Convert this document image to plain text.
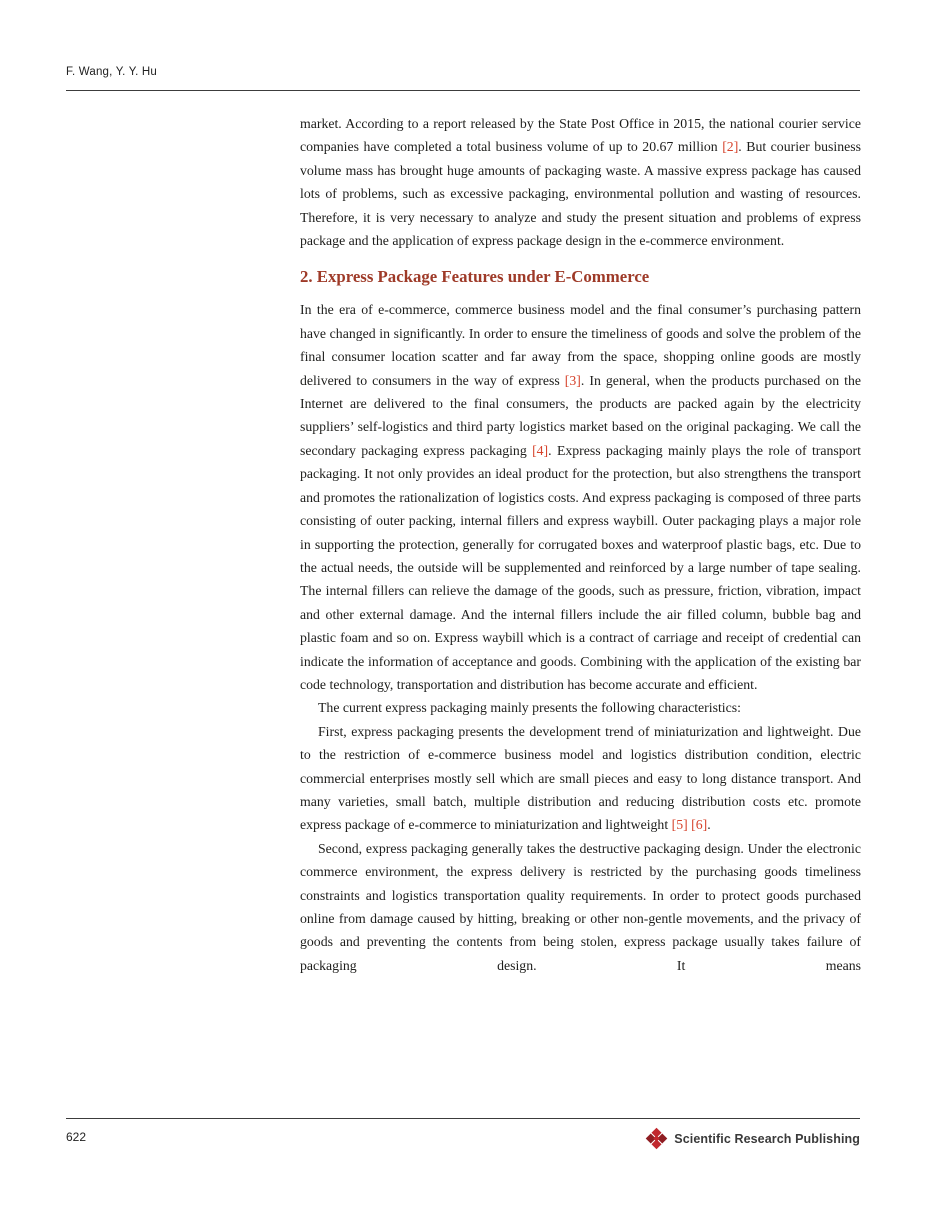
F. Wang, Y. Y. Hu

market. According to a report released by the State Post Office in 2015, the national courier service companies have completed a total business volume of up to 20.67 million [2]. But courier business volume mass has brought huge amounts of packaging waste. A massive express package has caused lots of problems, such as excessive packaging, environmental pollution and wasting of resources. Therefore, it is very necessary to analyze and study the present situation and problems of express package and the application of express package design in the e-commerce environment.

2. Express Package Features under E-Commerce

In the era of e-commerce, commerce business model and the final consumer’s purchasing pattern have changed in significantly. In order to ensure the timeliness of goods and solve the problem of the final consumer location scatter and far away from the space, shopping online goods are mostly delivered to consumers in the way of express [3]. In general, when the products purchased on the Internet are delivered to the final consumers, the products are packed again by the electricity suppliers’ self-logistics and third party logistics market based on the original packaging. We call the secondary packaging express packaging [4]. Express packaging mainly plays the role of transport packaging. It not only provides an ideal product for the protection, but also strengthens the transport and promotes the rationalization of logistics costs. And express packaging is composed of three parts consisting of outer packing, internal fillers and express waybill. Outer packaging plays a major role in supporting the protection, generally for corrugated boxes and waterproof plastic bags, etc. Due to the actual needs, the outside will be supplemented and reinforced by a large number of tape sealing. The internal fillers can relieve the damage of the goods, such as pressure, friction, vibration, impact and other external damage. And the internal fillers include the air filled column, bubble bag and plastic foam and so on. Express waybill which is a contract of carriage and receipt of credential can indicate the information of acceptance and goods. Combining with the application of the existing bar code technology, transportation and distribution has become accurate and efficient.

The current express packaging mainly presents the following characteristics:

First, express packaging presents the development trend of miniaturization and lightweight. Due to the restriction of e-commerce business model and logistics distribution condition, electric commercial enterprises mostly sell which are small pieces and easy to long distance transport. And many varieties, small batch, multiple distribution and reducing distribution costs etc. promote express package of e-commerce to miniaturization and lightweight [5] [6].

Second, express packaging generally takes the destructive packaging design. Under the electronic commerce environment, the express delivery is restricted by the purchasing goods timeliness constraints and logistics transportation quality requirements. In order to protect goods purchased online from damage caused by hitting, breaking or other non-gentle movements, and the privacy of goods and preventing the contents from being stolen, express package usually takes failure of packaging design. It means

622	Scientific Research Publishing
